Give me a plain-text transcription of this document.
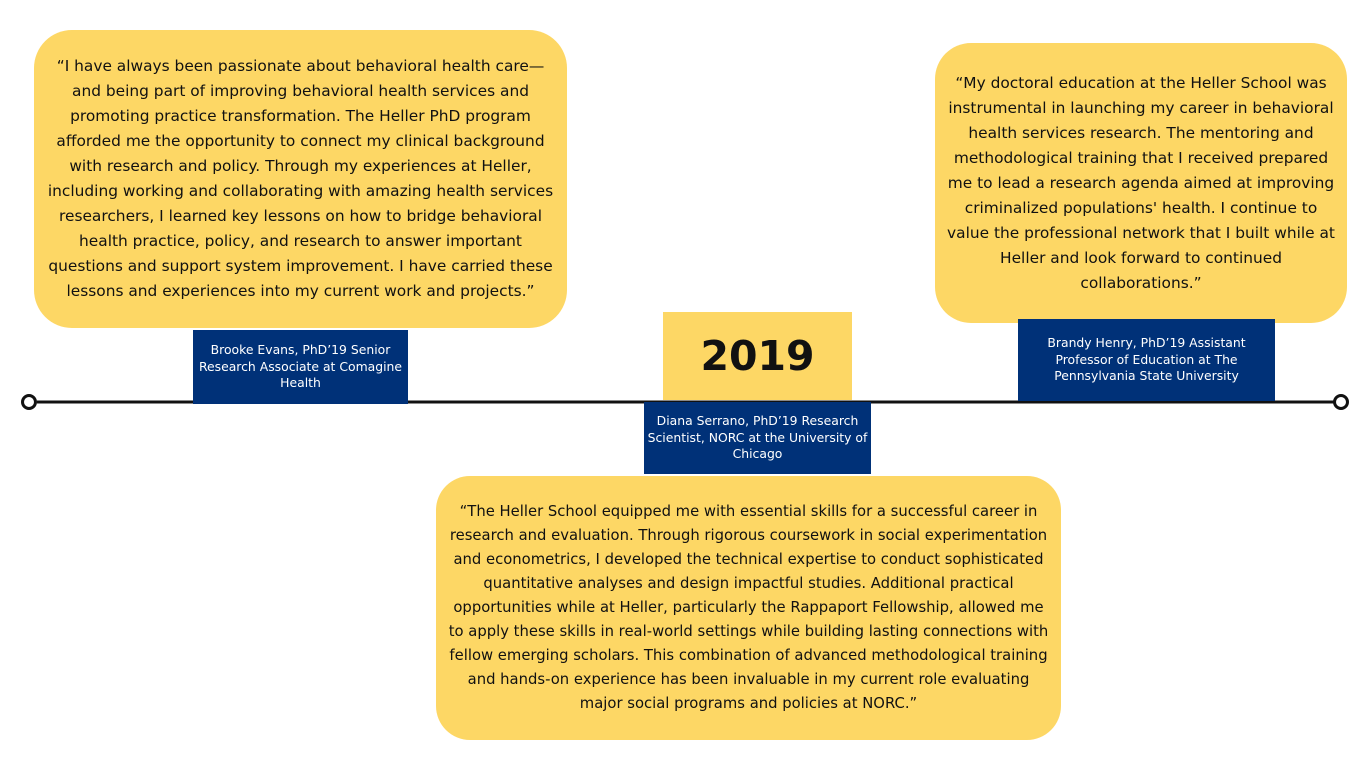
“I have always been passionate about behavioral health care—and being part of improving behavioral health services and promoting practice transformation. The Heller PhD program afforded me the opportunity to connect my clinical background with research and policy. Through my experiences at Heller, including working and collaborating with amazing health services researchers, I learned key lessons on how to bridge behavioral health practice, policy, and research to answer important questions and support system improvement. I have carried these lessons and experiences into my current work and projects.”
Brooke Evans, PhD’19 Senior Research Associate at Comagine Health
“My doctoral education at the Heller School was instrumental in launching my career in behavioral health services research. The mentoring and methodological training that I received prepared me to lead a research agenda aimed at improving criminalized populations' health. I continue to value the professional network that I built while at Heller and look forward to continued collaborations.”
Brandy Henry, PhD’19 Assistant Professor of Education at The Pennsylvania State University
2019
Diana Serrano, PhD’19 Research Scientist, NORC at the University of Chicago
“The Heller School equipped me with essential skills for a successful career in research and evaluation. Through rigorous coursework in social experimentation and econometrics, I developed the technical expertise to conduct sophisticated quantitative analyses and design impactful studies. Additional practical opportunities while at Heller, particularly the Rappaport Fellowship, allowed me to apply these skills in real-world settings while building lasting connections with fellow emerging scholars. This combination of advanced methodological training and hands-on experience has been invaluable in my current role evaluating major social programs and policies at NORC.”
